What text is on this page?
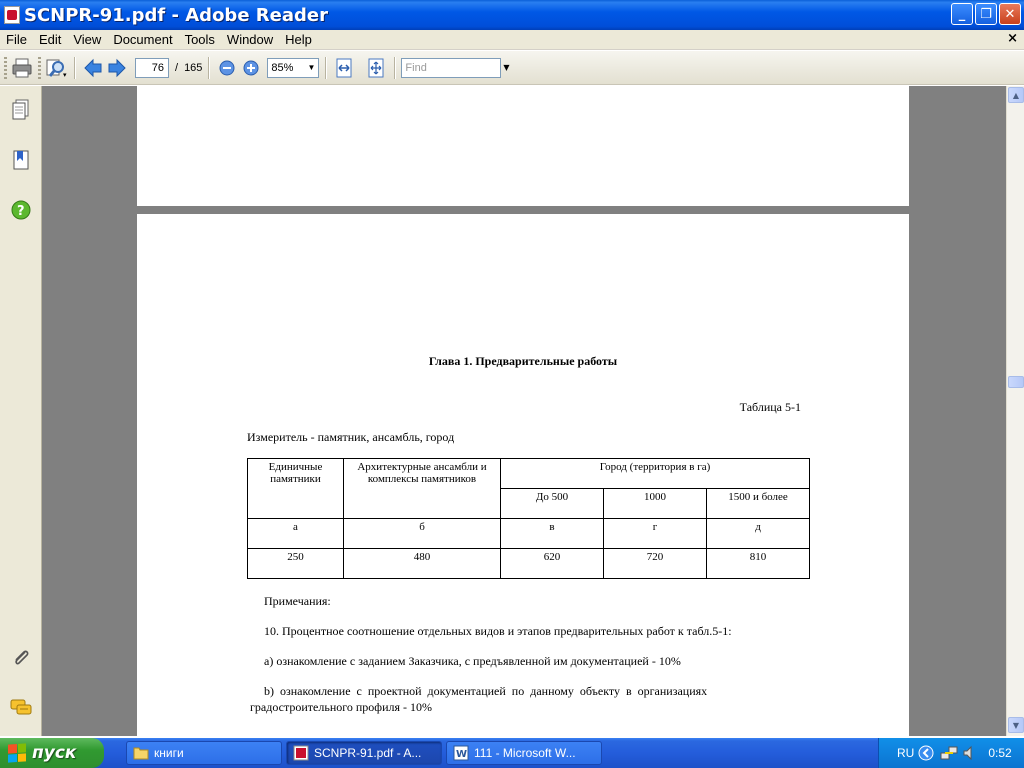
SCNPR-91.pdf - Adobe Reader	_	❐ ✕
File Edit View Document Tools Window Help	×
▾
76	/ 165	85%	▼	Find	▼
?
Глава 1. Предварительные работы
Таблица 5-1
Измеритель - памятник, ансамбль, город
Единичные памятники	Архитектурные ансамбли и комплексы памятников	Город (территория в га)		
		До 500	1000	1500 и более
а	б	в	г	д
250	480	620	720	810
Примечания:
10. Процентное соотношение отдельных видов и этапов предварительных работ к табл.5-1:
а) ознакомление с заданием Заказчика, с предъявленной им документацией - 10%
b)  ознакомление  с  проектной  документацией  по  данному  объекту  в  организациях
градостроительного профиля - 10%
▲
▼
пуск	книги	SCNPR-91.pdf - A...	W 111 - Microsoft W...	RU	0:52
